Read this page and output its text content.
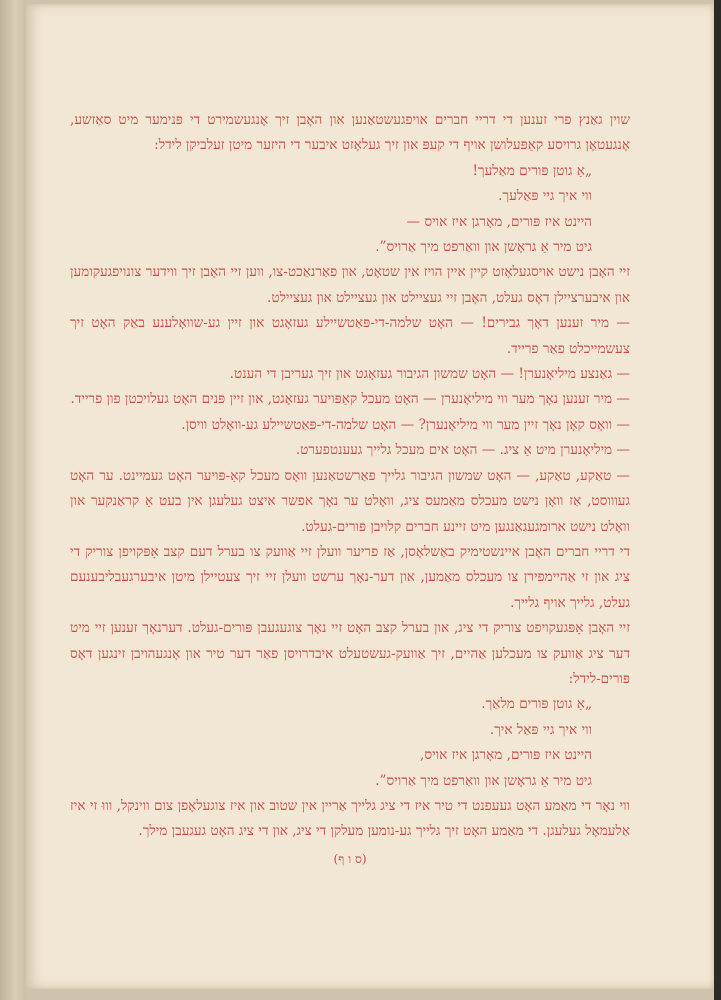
שוין גאַנץ פרי זענען די דריי חברים אויפגעשטאַנען און האָבן זיך אָנגעשמירט די פּנימער מיט סאַזשע, אָנגעטאָן גרויסע קאַפּעלושן אויף די קעפּ און זיך געלאָזט איבער די היזער מיטן זעלביקן לידל:

„אַ גוטן פּורים מאַלעך!

ווי איך גיי פּאַלעך.

היינט איז פּורים, מאָרגן איז אויס —

גיט מיר אַ גראָשן און וואַרפט מיך אַרויס”.

זיי האָבן נישט אויסגעלאָזט קיין איין הויז אין שטאָט, און פאַרנאַכט-צו, ווען זיי האָבן זיך ווידער צונויפגעקומען און איבערציילן דאָס געלט, האָבן זיי געציילט און געציילט און געציילט.

— מיר זענען דאָך גבירים! — האָט שלמה-די-פּאַטשיילע געזאָגט און זיין גע-שוואָלענע באַק האָט זיך צעשמייכלט פאַר פרייד.

— גאַנצע מיליאָנערן! — האָט שמשון הגיבור געזאָגט און זיך געריבן די הענט.

— מיר זענען נאָך מער ווי מיליאָנערן — האָט מעכל קאַפּויער געזאָגט, און זיין פּנים האָט געלויכטן פון פרייד.

— וואָס קאָן נאָך זיין מער ווי מיליאָנערן? — האָט שלמה-די-פּאַטשיילע גע-וואָלט וויסן.

— מיליאָנערן מיט אַ ציג. — האָט אים מעכל גלייך געענטפערט.

— טאַקע, טאַקע, — האָט שמשון הגיבור גלייך פאַרשטאַנען וואָס מעכל קאַ-פּויער האָט געמיינט. ער האָט געוווסט, אַז וואָן נישט מעכלס מאַמעס ציג, וואָלט ער נאָך אפשר איצט געלעגן אין בעט אַ קראַנקער און וואָלט נישט ארומגעגאַנגען מיט זיינע חברים קלויבן פּורים-געלט.

די דריי חברים האָבן איינשטימיק באַשלאָסן, אַז פריער וועלן זיי אַוועק צו בערל דעם קצב אָפּקויפן צוריק די ציג און זי אַהיימפירן צו מעכלס מאַמען, און דער-נאָך ערשט וועלן זיי זיך צעטיילן מיטן איבערגעבליבענעם געלט, גלייך אויף גלייך.

זיי האָבן אָפּגעקויפט צוריק די ציג, און בערל קצב האָט זיי נאָך צוגעגעבן פּורים-געלט. דערנאָך זענען זיי מיט דער ציג אַוועק צו מעכלען אַהיים, זיך אַוועק-געשטעלט איבדרויסן פאַר דער טיר און אָנגעהויבן זינגען דאָס פּורים-לידל:

„אַ גוטן פּורים מלאַך.

ווי איך גיי פּאַל איך.

היינט איז פּורים, מאָרגן איז אויס,

גיט מיר אַ גראָשן און וואַרפט מיך אַרויס”.

ווי נאָר די מאַמע האָט געעפנט די טיר איז די ציג גלייך אַריין אין שטוב און איז צוגעלאָפן צום ווינקל, וווּ זי איז אַלעמאָל געלעגן. די מאַמע האָט זיך גלייך גע-נומען מעלקן די ציג, און די ציג האָט געגעבן מילך.

(ס ו ף)
